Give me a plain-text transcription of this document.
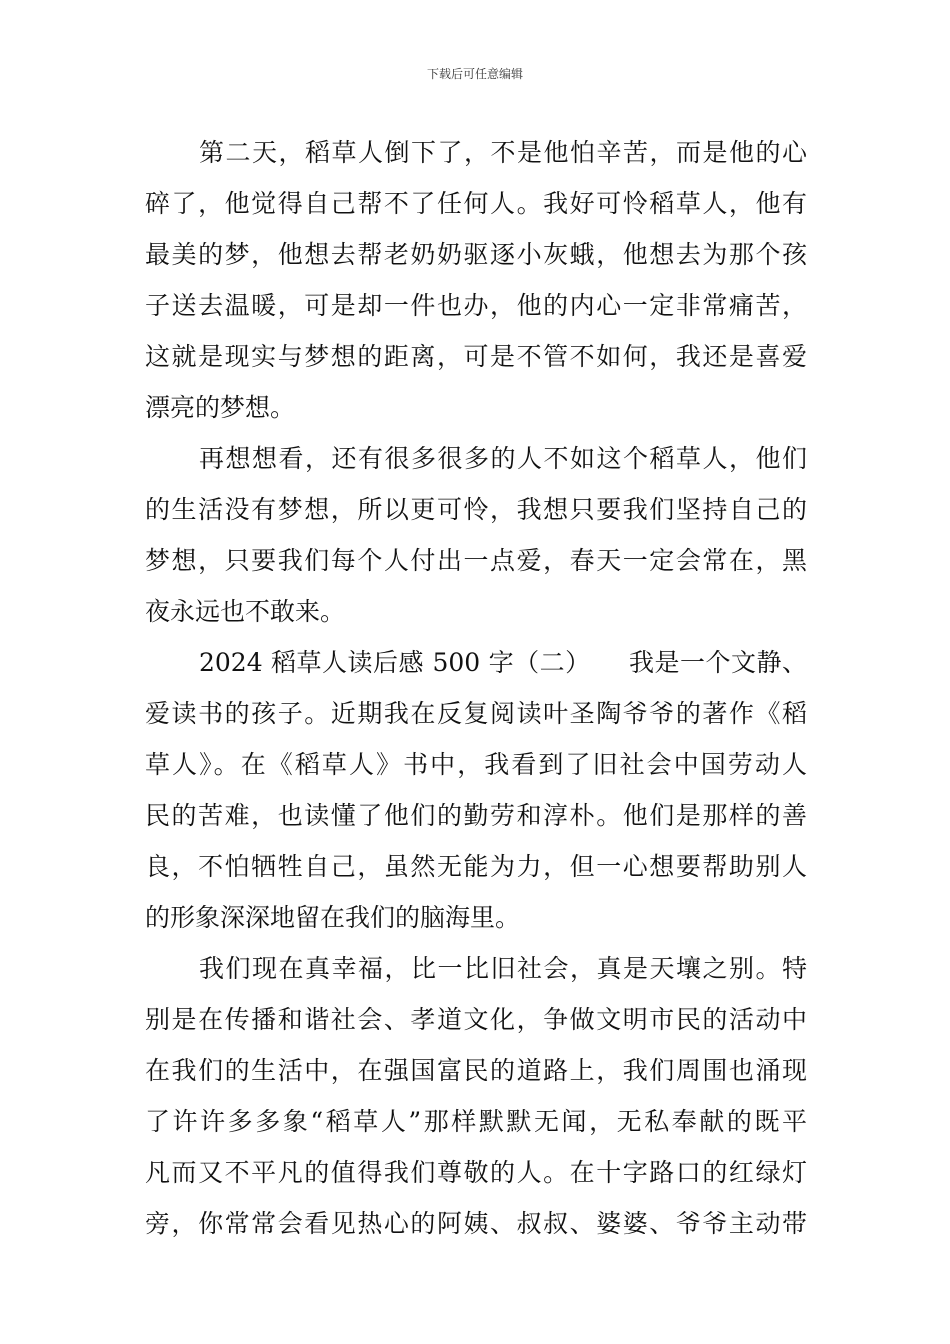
下载后可任意编辑
第二天，稻草人倒下了，不是他怕辛苦，而是他的心
碎了，他觉得自己帮不了任何人。我好可怜稻草人，他有
最美的梦，他想去帮老奶奶驱逐小灰蛾，他想去为那个孩
子送去温暖，可是却一件也办，他的内心一定非常痛苦，
这就是现实与梦想的距离，可是不管不如何，我还是喜爱
漂亮的梦想。
再想想看，还有很多很多的人不如这个稻草人，他们
的生活没有梦想，所以更可怜，我想只要我们坚持自己的
梦想，只要我们每个人付出一点爱，春天一定会常在，黑
夜永远也不敢来。
2024 稻草人读后感 500 字（二）　　我是一个文静、
爱读书的孩子。近期我在反复阅读叶圣陶爷爷的著作《稻
草人》。在《稻草人》书中，我看到了旧社会中国劳动人
民的苦难，也读懂了他们的勤劳和淳朴。他们是那样的善
良，不怕牺牲自己，虽然无能为力，但一心想要帮助别人
的形象深深地留在我们的脑海里。
我们现在真幸福，比一比旧社会，真是天壤之别。特
别是在传播和谐社会、孝道文化，争做文明市民的活动中
在我们的生活中，在强国富民的道路上，我们周围也涌现
了许许多多象“稻草人”那样默默无闻，无私奉献的既平
凡而又不平凡的值得我们尊敬的人。在十字路口的红绿灯
旁，你常常会看见热心的阿姨、叔叔、婆婆、爷爷主动带
